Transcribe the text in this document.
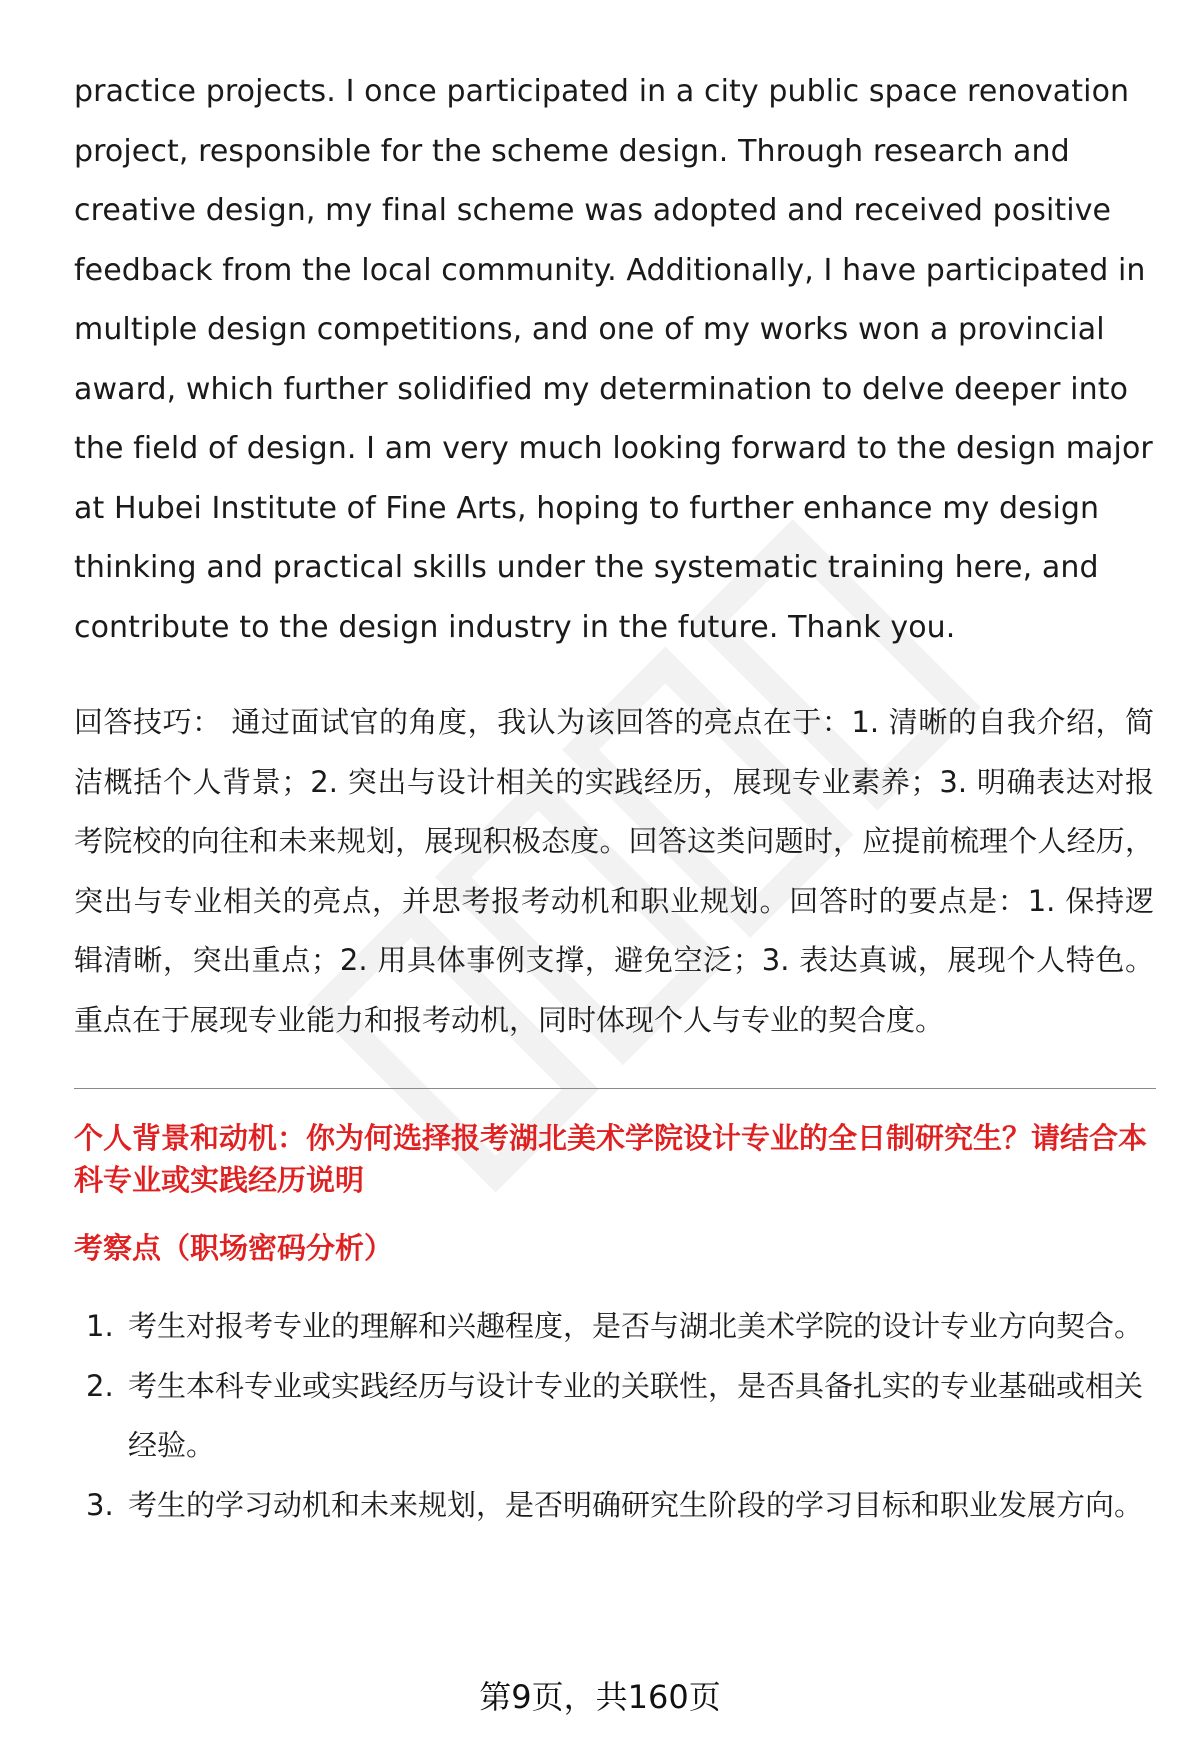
practice projects. I once participated in a city public space renovation project, responsible for the scheme design. Through research and creative design, my final scheme was adopted and received positive feedback from the local community. Additionally, I have participated in multiple design competitions, and one of my works won a provincial award, which further solidified my determination to delve deeper into the field of design. I am very much looking forward to the design major at Hubei Institute of Fine Arts, hoping to further enhance my design thinking and practical skills under the systematic training here, and contribute to the design industry in the future. Thank you.

回答技巧： 通过面试官的角度，我认为该回答的亮点在于：1. 清晰的自我介绍，简洁概括个人背景；2. 突出与设计相关的实践经历，展现专业素养；3. 明确表达对报考院校的向往和未来规划，展现积极态度。回答这类问题时，应提前梳理个人经历，突出与专业相关的亮点，并思考报考动机和职业规划。回答时的要点是：1. 保持逻辑清晰，突出重点；2. 用具体事例支撑，避免空泛；3. 表达真诚，展现个人特色。重点在于展现专业能力和报考动机，同时体现个人与专业的契合度。

个人背景和动机：你为何选择报考湖北美术学院设计专业的全日制研究生？请结合本科专业或实践经历说明
考察点（职场密码分析）
1. 考生对报考专业的理解和兴趣程度，是否与湖北美术学院的设计专业方向契合。
2. 考生本科专业或实践经历与设计专业的关联性，是否具备扎实的专业基础或相关经验。
3. 考生的学习动机和未来规划，是否明确研究生阶段的学习目标和职业发展方向。
第9页，共160页
